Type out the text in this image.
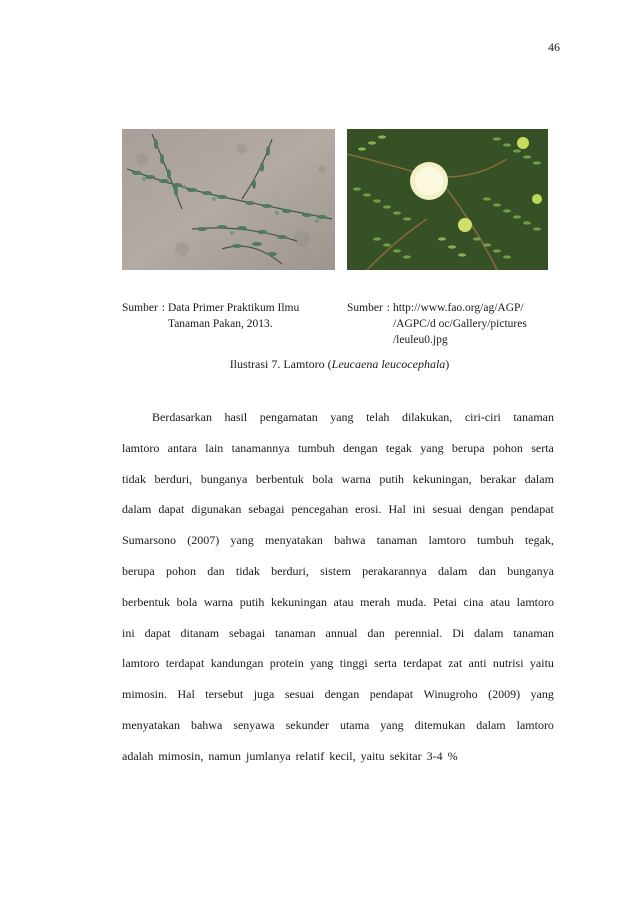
46
Sumber : Data Primer Praktikum Ilmu
Tanaman Pakan, 2013.
Sumber : http://www.fao.org/ag/AGP/
/AGPC/d oc/Gallery/pictures
/leuleu0.jpg
Ilustrasi 7. Lamtoro (Leucaena leucocephala)
Berdasarkan hasil pengamatan yang telah dilakukan, ciri-ciri tanaman
lamtoro antara lain tanamannya tumbuh dengan tegak yang berupa pohon serta
tidak berduri, bunganya berbentuk bola warna putih kekuningan, berakar dalam
dalam dapat digunakan sebagai pencegahan erosi. Hal ini sesuai dengan pendapat
Sumarsono (2007) yang menyatakan bahwa tanaman lamtoro tumbuh tegak,
berupa pohon dan tidak berduri, sistem perakarannya dalam dan bunganya
berbentuk bola warna putih kekuningan atau merah muda. Petai cina atau lamtoro
ini dapat ditanam sebagai tanaman annual dan perennial. Di dalam tanaman
lamtoro terdapat kandungan protein yang tinggi serta terdapat zat anti nutrisi yaitu
mimosin. Hal tersebut juga sesuai dengan pendapat Winugroho (2009) yang
menyatakan bahwa senyawa sekunder utama yang ditemukan dalam lamtoro
adalah mimosin, namun jumlanya relatif kecil, yaitu sekitar 3-4 %
